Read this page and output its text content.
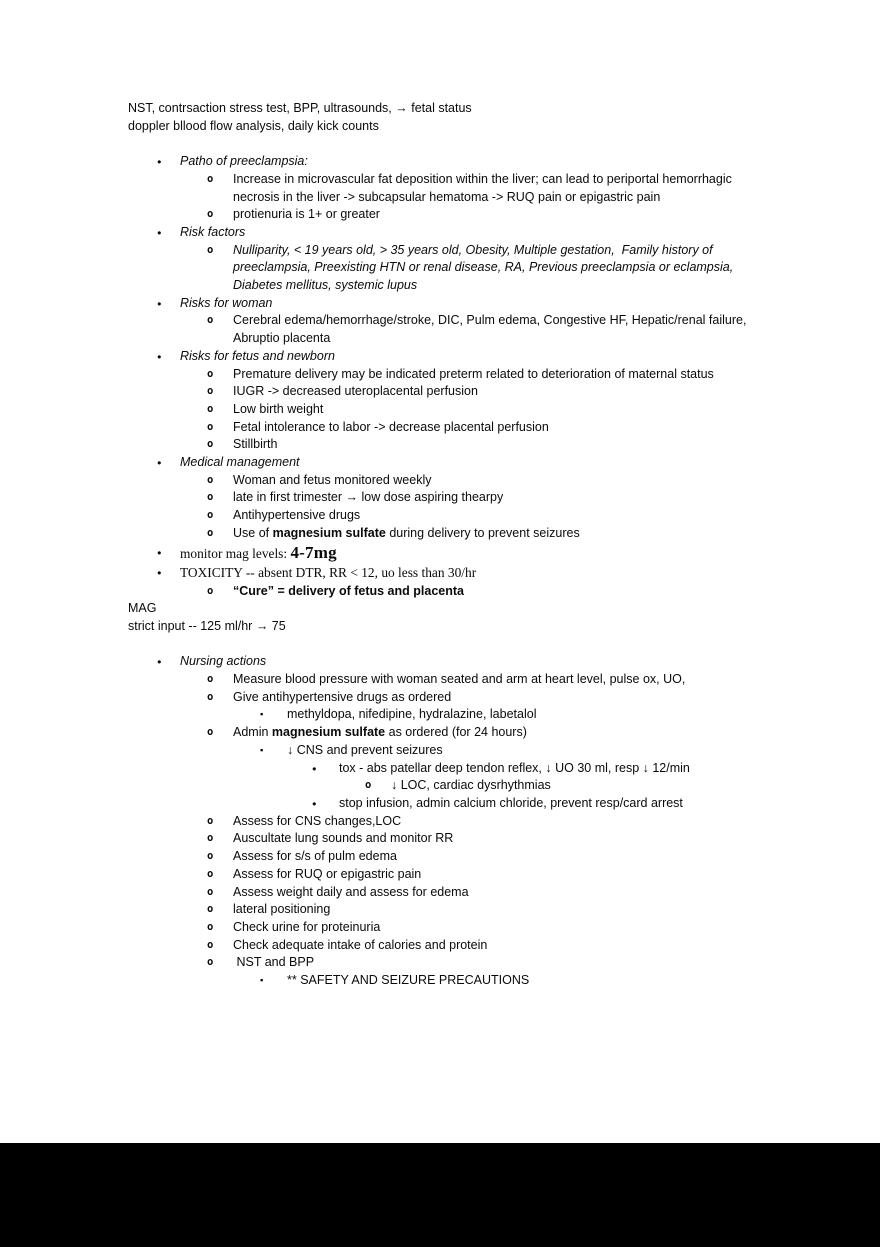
NST, contrsaction stress test, BPP, ultrasounds, → fetal status
doppler bllood flow analysis, daily kick counts
● Patho of preeclampsia:
o Increase in microvascular fat deposition within the liver; can lead to periportal hemorrhagic necrosis in the liver -> subcapsular hematoma -> RUQ pain or epigastric pain
o protienuria is 1+ or greater
● Risk factors
o Nulliparity, < 19 years old, > 35 years old, Obesity, Multiple gestation,  Family history of preeclampsia, Preexisting HTN or renal disease, RA, Previous preeclampsia or eclampsia, Diabetes mellitus, systemic lupus
● Risks for woman
o Cerebral edema/hemorrhage/stroke, DIC, Pulm edema, Congestive HF, Hepatic/renal failure, Abruptio placenta
● Risks for fetus and newborn
o Premature delivery may be indicated preterm related to deterioration of maternal status
o IUGR -> decreased uteroplacental perfusion
o Low birth weight
o Fetal intolerance to labor -> decrease placental perfusion
o Stillbirth
● Medical management
o Woman and fetus monitored weekly
o late in first trimester → low dose aspiring thearpy
o Antihypertensive drugs
o Use of magnesium sulfate during delivery to prevent seizures
● monitor mag levels: 4-7mg
● TOXICITY -- absent DTR, RR < 12, uo less than 30/hr
o “Cure” = delivery of fetus and placenta
MAG
strict input -- 125 ml/hr → 75
● Nursing actions
o Measure blood pressure with woman seated and arm at heart level, pulse ox, UO,
o Give antihypertensive drugs as ordered
▪ methyldopa, nifedipine, hydralazine, labetalol
o Admin magnesium sulfate as ordered (for 24 hours)
▪ ↓ CNS and prevent seizures
● tox - abs patellar deep tendon reflex, ↓ UO 30 ml, resp ↓ 12/min
o ↓ LOC, cardiac dysrhythmias
● stop infusion, admin calcium chloride, prevent resp/card arrest
o Assess for CNS changes,LOC
o Auscultate lung sounds and monitor RR
o Assess for s/s of pulm edema
o Assess for RUQ or epigastric pain
o Assess weight daily and assess for edema
o lateral positioning
o Check urine for proteinuria
o Check adequate intake of calories and protein
o NST and BPP
▪ ** SAFETY AND SEIZURE PRECAUTIONS
